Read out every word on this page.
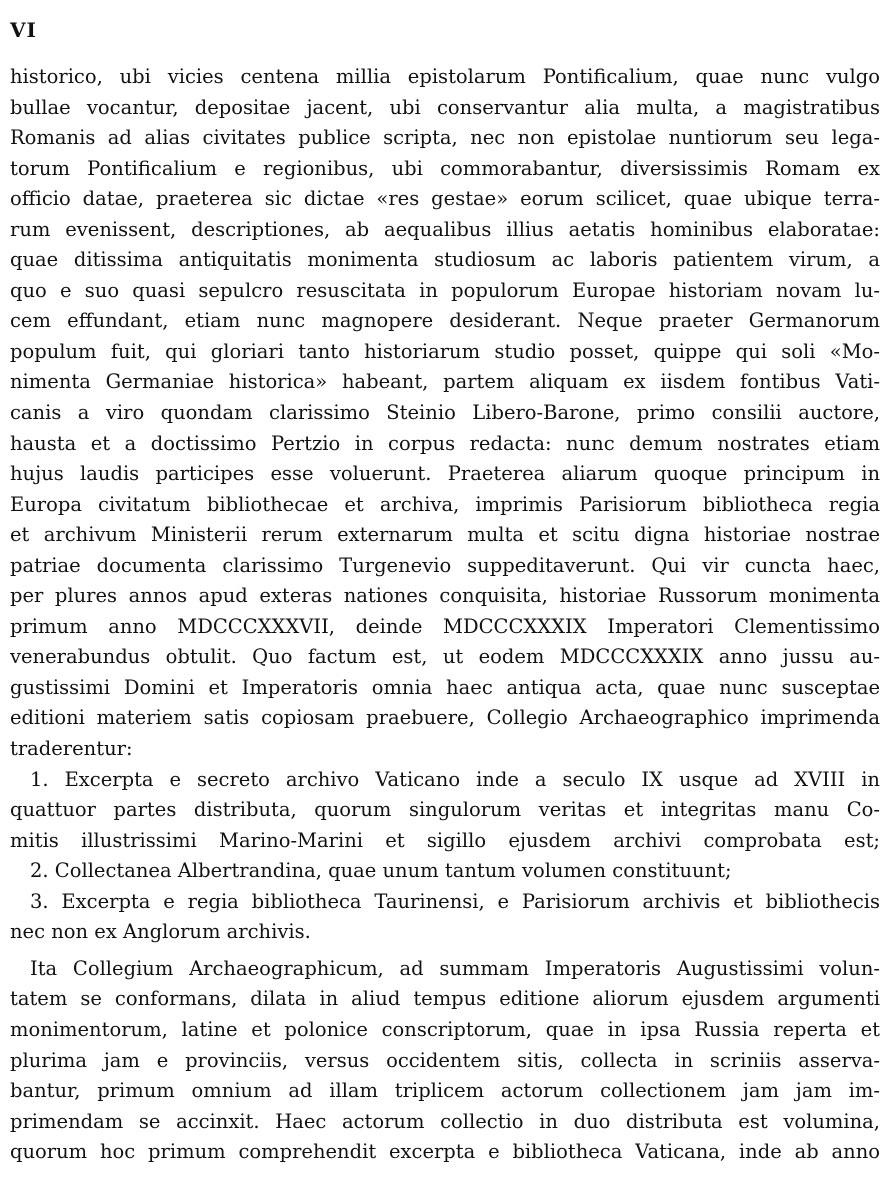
VI
historico, ubi vicies centena millia epistolarum Pontificalium, quae nunc vulgo
bullae vocantur, depositae jacent, ubi conservantur alia multa, a magistratibus
Romanis ad alias civitates publice scripta, nec non epistolae nuntiorum seu lega-
torum Pontificalium e regionibus, ubi commorabantur, diversissimis Romam ex
officio datae, praeterea sic dictae «res gestae» eorum scilicet, quae ubique terra-
rum evenissent, descriptiones, ab aequalibus illius aetatis hominibus elaboratae:
quae ditissima antiquitatis monimenta studiosum ac laboris patientem virum, a
quo e suo quasi sepulcro resuscitata in populorum Europae historiam novam lu-
cem effundant, etiam nunc magnopere desiderant. Neque praeter Germanorum
populum fuit, qui gloriari tanto historiarum studio posset, quippe qui soli «Mo-
nimenta Germaniae historica» habeant, partem aliquam ex iisdem fontibus Vati-
canis a viro quondam clarissimo Steinio Libero-Barone, primo consilii auctore,
hausta et a doctissimo Pertzio in corpus redacta: nunc demum nostrates etiam
hujus laudis participes esse voluerunt. Praeterea aliarum quoque principum in
Europa civitatum bibliothecae et archiva, imprimis Parisiorum bibliotheca regia
et archivum Ministerii rerum externarum multa et scitu digna historiae nostrae
patriae documenta clarissimo Turgenevio suppeditaverunt. Qui vir cuncta haec,
per plures annos apud exteras nationes conquisita, historiae Russorum monimenta
primum anno MDCCCXXXVII, deinde MDCCCXXXIX Imperatori Clementissimo
venerabundus obtulit. Quo factum est, ut eodem MDCCCXXXIX anno jussu au-
gustissimi Domini et Imperatoris omnia haec antiqua acta, quae nunc susceptae
editioni materiem satis copiosam praebuere, Collegio Archaeographico imprimenda
traderentur:
1. Excerpta e secreto archivo Vaticano inde a seculo IX usque ad XVIII in
quattuor partes distributa, quorum singulorum veritas et integritas manu Co-
mitis illustrissimi Marino-Marini et sigillo ejusdem archivi comprobata est;
2. Collectanea Albertrandina, quae unum tantum volumen constituunt;
3. Excerpta e regia bibliotheca Taurinensi, e Parisiorum archivis et bibliothecis
nec non ex Anglorum archivis.
Ita Collegium Archaeographicum, ad summam Imperatoris Augustissimi volun-
tatem se conformans, dilata in aliud tempus editione aliorum ejusdem argumenti
monimentorum, latine et polonice conscriptorum, quae in ipsa Russia reperta et
plurima jam e provinciis, versus occidentem sitis, collecta in scriniis asserva-
bantur, primum omnium ad illam triplicem actorum collectionem jam jam im-
primendam se accinxit. Haec actorum collectio in duo distributa est volumina,
quorum hoc primum comprehendit excerpta e bibliotheca Vaticana, inde ab anno
